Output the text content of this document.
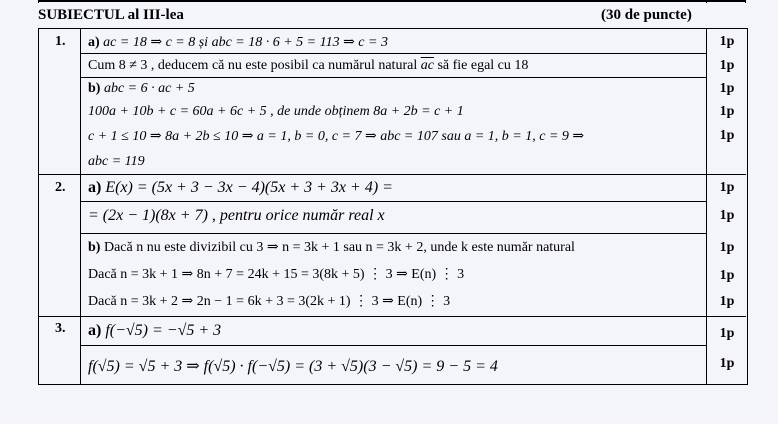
SUBIECTUL al III-lea	(30 de puncte)
1. a) ac = 18 ⇒ c = 8 și abc = 18 · 6 + 5 = 113 ⇒ c = 3
Cum 8 ≠ 3 , deducem că nu este posibil ca numărul natural $\overline{ac}$ să fie egal cu 18
b) abc = 6 · ac + 5
100a + 10b + c = 60a + 6c + 5 , de unde obținem 8a + 2b = c + 1
c + 1 ≤ 10 ⇒ 8a + 2b ≤ 10 ⇒ a = 1, b = 0, c = 7 ⇒ abc = 107 sau a = 1, b = 1, c = 9 ⇒
abc = 119
1p
1p
1p
1p
1p
2. a) E(x) = (5x + 3 − 3x − 4)(5x + 3 + 3x + 4) =
= (2x − 1)(8x + 7) , pentru orice număr real x
b) Dacă n nu este divizibil cu 3 ⇒ n = 3k + 1 sau n = 3k + 2, unde k este număr natural
Dacă n = 3k + 1 ⇒ 8n + 7 = 24k + 15 = 3(8k + 5) ⋮ 3 ⇒ E(n) ⋮ 3
Dacă n = 3k + 2 ⇒ 2n − 1 = 6k + 3 = 3(2k + 1) ⋮ 3 ⇒ E(n) ⋮ 3
1p
1p
1p
1p
1p
3. a) f(−√5) = −√5 + 3
f(√5) = √5 + 3 ⇒ f(√5) · f(−√5) = (3 + √5)(3 − √5) = 9 − 5 = 4
1p
1p
